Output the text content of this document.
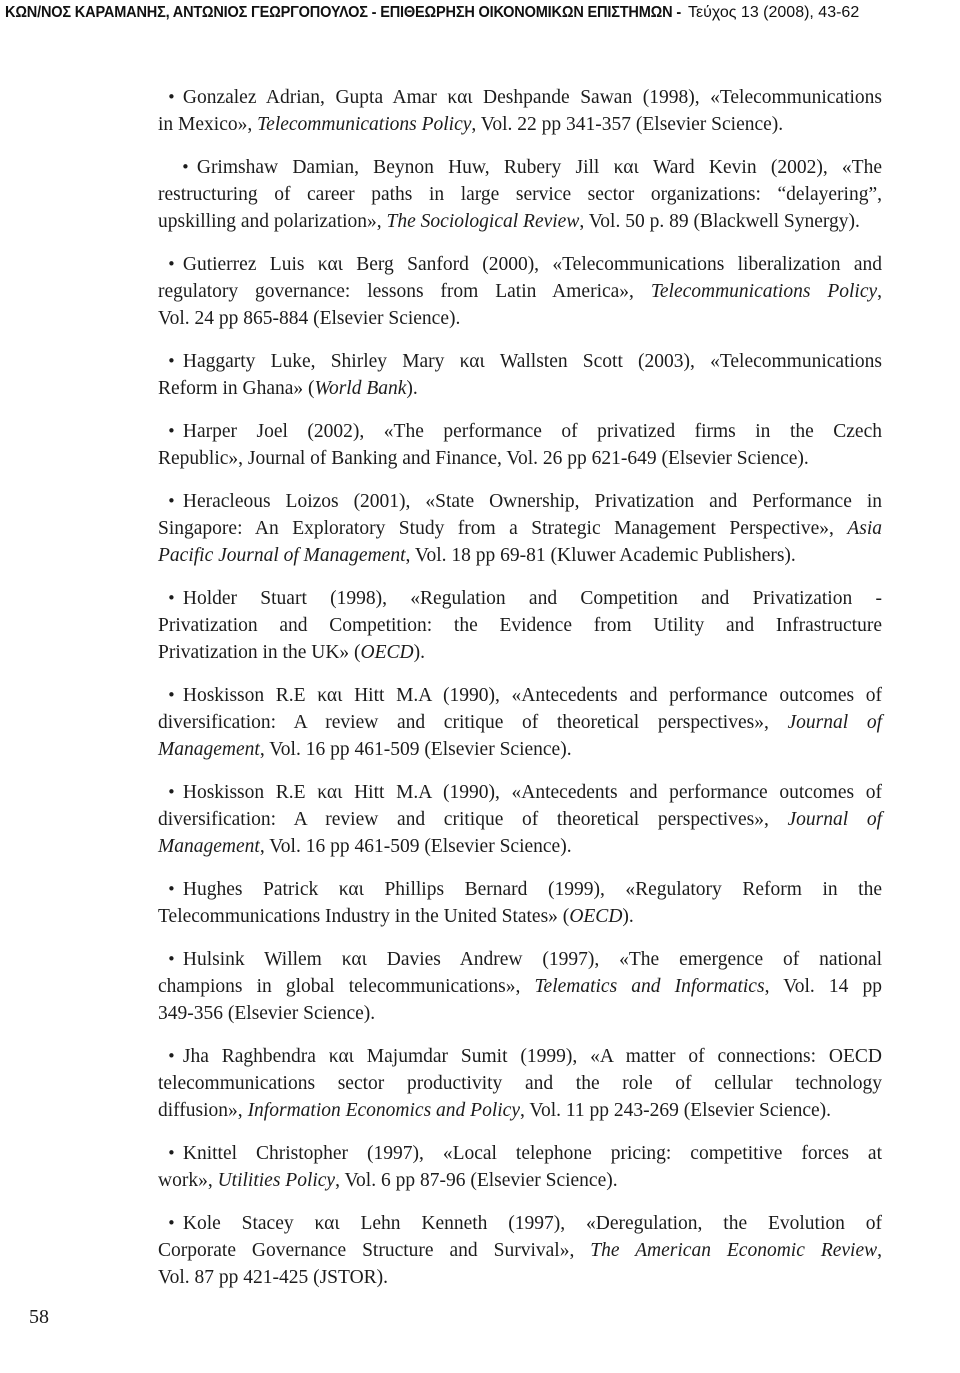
ΚΩΝ/ΝΟΣ ΚΑΡΑΜΑΝΗΣ, ΑΝΤΩΝΙΟΣ ΓΕΩΡΓΟΠΟΥΛΟΣ - ΕΠΙΘΕΩΡΗΣΗ ΟΙΚΟΝΟΜΙΚΩΝ ΕΠΙΣΤΗΜΩΝ - Τεύχος 13 (2008), 43-62
• Gonzalez Adrian, Gupta Amar και Deshpande Sawan (1998), «Telecommunications
in Mexico», Telecommunications Policy, Vol. 22 pp 341-357 (Elsevier Science).
• Grimshaw Damian, Beynon Huw, Rubery Jill και Ward Kevin (2002), «The
restructuring of career paths in large service sector organizations: “delayering”,
upskilling and polarization», The Sociological Review, Vol. 50 p. 89 (Blackwell Synergy).
• Gutierrez Luis και Berg Sanford (2000), «Telecommunications liberalization and
regulatory governance: lessons from Latin America», Telecommunications Policy,
Vol. 24 pp 865-884 (Elsevier Science).
• Haggarty Luke, Shirley Mary και Wallsten Scott (2003), «Telecommunications
Reform in Ghana» (World Bank).
• Harper Joel (2002), «The performance of privatized firms in the Czech
Republic», Journal of Banking and Finance, Vol. 26 pp 621-649 (Elsevier Science).
• Heracleous Loizos (2001), «State Ownership, Privatization and Performance in
Singapore: An Exploratory Study from a Strategic Management Perspective», Asia
Pacific Journal of Management, Vol. 18 pp 69-81 (Kluwer Academic Publishers).
• Holder Stuart (1998), «Regulation and Competition and Privatization -
Privatization and Competition: the Evidence from Utility and Infrastructure
Privatization in the UK» (OECD).
• Hoskisson R.E και Hitt M.A (1990), «Antecedents and performance outcomes of
diversification: A review and critique of theoretical perspectives», Journal of
Management, Vol. 16 pp 461-509 (Elsevier Science).
• Hoskisson R.E και Hitt M.A (1990), «Antecedents and performance outcomes of
diversification: A review and critique of theoretical perspectives», Journal of
Management, Vol. 16 pp 461-509 (Elsevier Science).
• Hughes Patrick και Phillips Bernard (1999), «Regulatory Reform in the
Telecommunications Industry in the United States» (OECD).
• Hulsink Willem και Davies Andrew (1997), «The emergence of national
champions in global telecommunications», Telematics and Informatics, Vol. 14 pp
349-356 (Elsevier Science).
• Jha Raghbendra και Majumdar Sumit (1999), «A matter of connections: OECD
telecommunications sector productivity and the role of cellular technology
diffusion», Information Economics and Policy, Vol. 11 pp 243-269 (Elsevier Science).
• Knittel Christopher (1997), «Local telephone pricing: competitive forces at
work», Utilities Policy, Vol. 6 pp 87-96 (Elsevier Science).
• Kole Stacey και Lehn Kenneth (1997), «Deregulation, the Evolution of
Corporate Governance Structure and Survival», The American Economic Review,
Vol. 87 pp 421-425 (JSTOR).
58
